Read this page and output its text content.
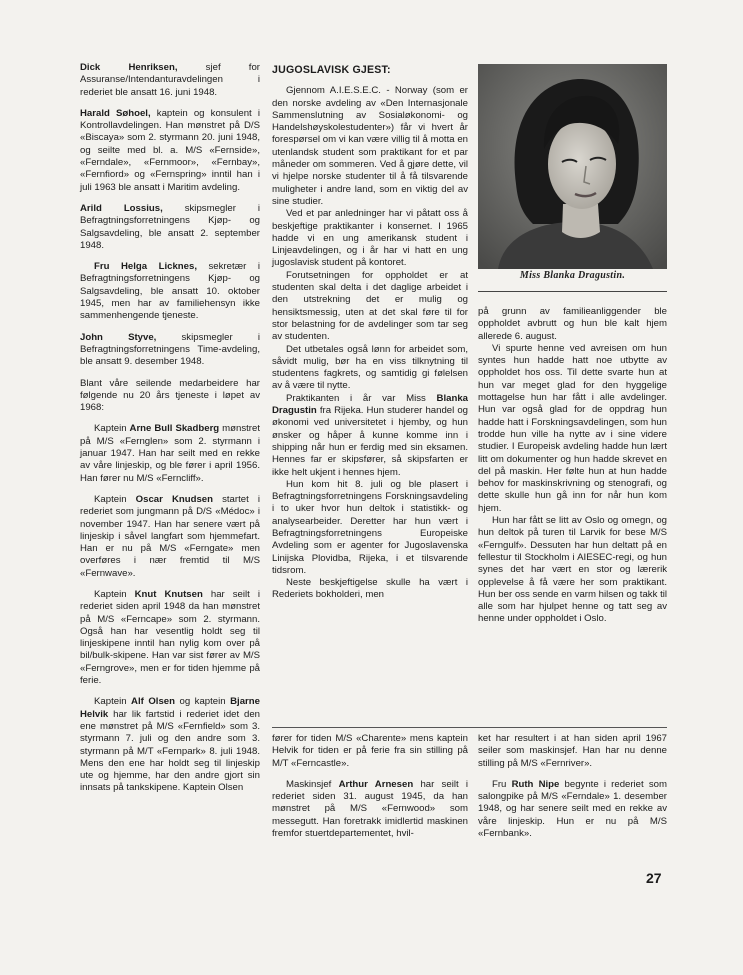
Dick Henriksen, sjef for Assuranse/Intendanturavdelingen i rederiet ble ansatt 16. juni 1948.

Harald Søhoel, kaptein og konsulent i Kontrollavdelingen. Han mønstret på D/S «Biscaya» som 2. styrmann 20. juni 1948, og seilte med bl. a. M/S «Fernside», «Ferndale», «Fernmoor», «Fernbay», «Fernfiord» og «Fernspring» inntil han i juli 1963 ble ansatt i Maritim avdeling.

Arild Lossius, skipsmegler i Befragtningsforretningens Kjøp- og Salgsavdeling, ble ansatt 2. september 1948.

Fru Helga Licknes, sekretær i Befragtningsforretningens Kjøp- og Salgsavdeling, ble ansatt 10. oktober 1945, men har av familiehensyn ikke sammenhengende tjeneste.

John Styve, skipsmegler i Befragtningsforretningens Time-avdeling, ble ansatt 9. desember 1948.

Blant våre seilende medarbeidere har følgende nu 20 års tjeneste i løpet av 1968:

Kaptein Arne Bull Skadberg mønstret på M/S «Fernglen» som 2. styrmann i januar 1947. Han har seilt med en rekke av våre linjeskip, og ble fører i april 1956. Han fører nu M/S «Ferncliff».

Kaptein Oscar Knudsen startet i rederiet som jungmann på D/S «Médoc» i november 1947. Han har senere vært på linjeskip i såvel langfart som hjemmefart. Han er nu på M/S «Ferngate» men overføres i nær fremtid til M/S «Fernwave».

Kaptein Knut Knutsen har seilt i rederiet siden april 1948 da han mønstret på M/S «Ferncape» som 2. styrmann. Også han har vesentlig holdt seg til linjeskipene inntil han nylig kom over på bil/bulk-skipene. Han var sist fører av M/S «Ferngrove», men er for tiden hjemme på ferie.

Kaptein Alf Olsen og kaptein Bjarne Helvik har lik fartstid i rederiet idet den ene mønstret på M/S «Fernfield» som 3. styrmann 7. juli og den andre som 3. styrmann på M/T «Fernpark» 8. juli 1948. Mens den ene har holdt seg til linjeskip ute og hjemme, har den andre gjort sin innsats på tankskipene. Kaptein Olsen

JUGOSLAVISK GJEST:

Gjennom A.I.E.S.E.C. - Norway (som er den norske avdeling av «Den Internasjonale Sammenslutning av Sosialøkonomi- og Handelshøyskolestudenter») får vi hvert år forespørsel om vi kan være villig til å motta en utenlandsk student som praktikant for et par måneder om sommeren. Ved å gjøre dette, vil vi hjelpe norske studenter til å få tilsvarende muligheter i andre land, som en viktig del av sine studier.

Ved et par anledninger har vi påtatt oss å beskjeftige praktikanter i konsernet. I 1965 hadde vi en ung amerikansk student i Linjeavdelingen, og i år har vi hatt en ung jugoslavisk student på kontoret.

Forutsetningen for oppholdet er at studenten skal delta i det daglige arbeidet i den utstrekning det er mulig og hensiktsmessig, uten at det skal føre til for stor belastning for de avdelinger som tar seg av studenten.

Det utbetales også lønn for arbeidet som, såvidt mulig, bør ha en viss tilknytning til studentens fagkrets, og samtidig gi følelsen av å være til nytte.

Praktikanten i år var Miss Blanka Dragustin fra Rijeka. Hun studerer handel og økonomi ved universitetet i hjemby, og hun ønsker og håper å kunne komme inn i shipping når hun er ferdig med sin eksamen. Hennes far er skipsfører, så skipsfarten er ikke helt ukjent i hennes hjem.

Hun kom hit 8. juli og ble plasert i Befragtningsforretningens Forskningsavdeling i to uker hvor hun deltok i statistikk- og analysearbeider. Deretter har hun vært i Befragtningsforretningens Europeiske Avdeling som er agenter for Jugoslavenska Linijska Plovidba, Rijeka, i et tilsvarende tidsrom.

Neste beskjeftigelse skulle ha vært i Rederiets bokholderi, men

Miss Blanka Dragustin.

på grunn av familieanliggender ble oppholdet avbrutt og hun ble kalt hjem allerede 6. august.

Vi spurte henne ved avreisen om hun syntes hun hadde hatt noe utbytte av oppholdet hos oss. Til dette svarte hun at hun var meget glad for den hyggelige mottagelse hun har fått i alle avdelinger. Hun var også glad for de oppdrag hun hadde hatt i Forskningsavdelingen, som hun trodde hun ville ha nytte av i sine videre studier. I Europeisk avdeling hadde hun lært litt om dokumenter og hun hadde skrevet en del på maskin. Her følte hun at hun hadde behov for maskinskrivning og stenografi, og dette skulle hun gå inn for når hun kom hjem.

Hun har fått se litt av Oslo og omegn, og hun deltok på turen til Larvik for bese M/S «Ferngulf». Dessuten har hun deltatt på en fellestur til Stockholm i AIESEC-regi, og hun synes det har vært en stor og lærerik opplevelse å få være her som praktikant. Hun ber oss sende en varm hilsen og takk til alle som har hjulpet henne og tatt seg av henne under oppholdet i Oslo.

fører for tiden M/S «Charente» mens kaptein Helvik for tiden er på ferie fra sin stilling på M/T «Ferncastle».

Maskinsjef Arthur Arnesen har seilt i rederiet siden 31. august 1945, da han mønstret på M/S «Fernwood» som messegutt. Han foretrakk imidlertid maskinen fremfor stuertdepartementet, hvil-

ket har resultert i at han siden april 1967 seiler som maskinsjef. Han har nu denne stilling på M/S «Fernriver».

Fru Ruth Nipe begynte i rederiet som salongpike på M/S «Ferndale» 1. desember 1948, og har senere seilt med en rekke av våre linjeskip. Hun er nu på M/S «Fernbank».

27
